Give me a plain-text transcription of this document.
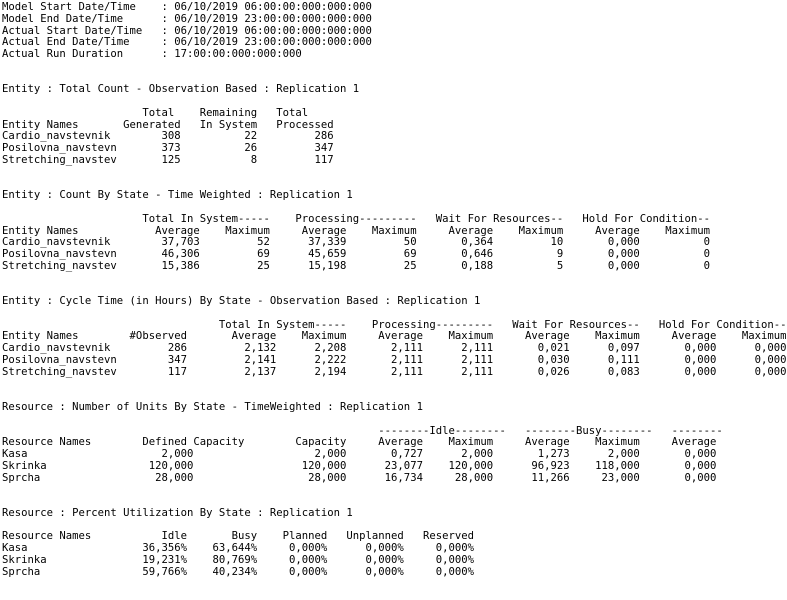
Model Start Date/Time    : 06/10/2019 06:00:00:000:000:000
Model End Date/Time      : 06/10/2019 23:00:00:000:000:000
Actual Start Date/Time   : 06/10/2019 06:00:00:000:000:000
Actual End Date/Time     : 06/10/2019 23:00:00:000:000:000
Actual Run Duration      : 17:00:00:000:000:000
Entity : Total Count - Observation Based : Replication 1
Total    Remaining   Total
Entity Names       Generated   In System   Processed
Cardio_navstevnik        308          22         286
Posilovna_navstevn       373          26         347
Stretching_navstev       125           8         117
Entity : Count By State - Time Weighted : Replication 1
Total In System-----    Processing---------   Wait For Resources--   Hold For Condition--
Entity Names            Average    Maximum     Average    Maximum     Average    Maximum     Average    Maximum
Cardio_navstevnik        37,703         52      37,339         50       0,364         10       0,000          0
Posilovna_navstevn       46,306         69      45,659         69       0,646          9       0,000          0
Stretching_navstev       15,386         25      15,198         25       0,188          5       0,000          0
Entity : Cycle Time (in Hours) By State - Observation Based : Replication 1
Total In System-----    Processing---------   Wait For Resources--   Hold For Condition--
Entity Names        #Observed       Average    Maximum     Average    Maximum     Average    Maximum     Average    Maximum
Cardio_navstevnik         286         2,132      2,208       2,111      2,111       0,021      0,097       0,000      0,000
Posilovna_navstevn        347         2,141      2,222       2,111      2,111       0,030      0,111       0,000      0,000
Stretching_navstev        117         2,137      2,194       2,111      2,111       0,026      0,083       0,000      0,000
Resource : Number of Units By State - TimeWeighted : Replication 1
--------Idle--------   --------Busy--------   --------
Resource Names        Defined Capacity        Capacity     Average    Maximum     Average    Maximum     Average
Kasa                     2,000                   2,000       0,727      2,000       1,273      2,000       0,000
Skrinka                120,000                 120,000      23,077    120,000      96,923    118,000       0,000
Sprcha                  28,000                  28,000      16,734     28,000      11,266     23,000       0,000
Resource : Percent Utilization By State : Replication 1
Resource Names           Idle       Busy    Planned   Unplanned   Reserved
Kasa                  36,356%    63,644%     0,000%      0,000%     0,000%
Skrinka               19,231%    80,769%     0,000%      0,000%     0,000%
Sprcha                59,766%    40,234%     0,000%      0,000%     0,000%
